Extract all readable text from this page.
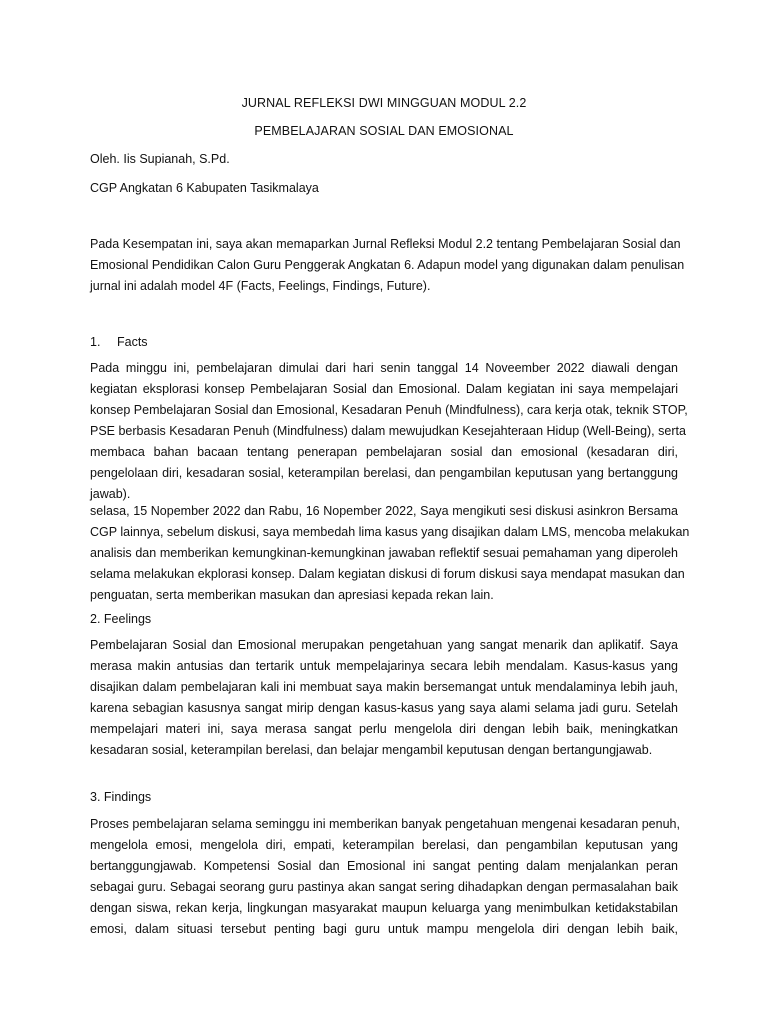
JURNAL REFLEKSI DWI MINGGUAN MODUL 2.2
PEMBELAJARAN SOSIAL DAN EMOSIONAL
Oleh. Iis Supianah, S.Pd.
CGP Angkatan 6 Kabupaten Tasikmalaya
Pada Kesempatan ini, saya akan memaparkan Jurnal Refleksi Modul 2.2 tentang Pembelajaran Sosial dan
Emosional Pendidikan Calon Guru Penggerak Angkatan 6. Adapun model yang digunakan dalam penulisan
jurnal ini adalah model 4F (Facts, Feelings, Findings, Future).
1. Facts
Pada minggu ini, pembelajaran dimulai dari hari senin tanggal 14 Noveember 2022 diawali dengan
kegiatan eksplorasi konsep Pembelajaran Sosial dan Emosional. Dalam kegiatan ini saya mempelajari
konsep Pembelajaran Sosial dan Emosional, Kesadaran Penuh (Mindfulness), cara kerja otak, teknik STOP,
PSE berbasis Kesadaran Penuh (Mindfulness) dalam mewujudkan Kesejahteraan Hidup (Well-Being), serta
membaca bahan bacaan tentang penerapan pembelajaran sosial dan emosional (kesadaran diri,
pengelolaan diri, kesadaran sosial, keterampilan berelasi, dan pengambilan keputusan yang bertanggung
jawab).
selasa, 15 Nopember 2022 dan Rabu, 16 Nopember 2022, Saya mengikuti sesi diskusi asinkron Bersama
CGP lainnya, sebelum diskusi, saya membedah lima kasus yang disajikan dalam LMS, mencoba melakukan
analisis dan memberikan kemungkinan-kemungkinan jawaban reflektif sesuai pemahaman yang diperoleh
selama melakukan ekplorasi konsep. Dalam kegiatan diskusi di forum diskusi saya mendapat masukan dan
penguatan, serta memberikan masukan dan apresiasi kepada rekan lain.
2. Feelings
Pembelajaran Sosial dan Emosional merupakan pengetahuan yang sangat menarik dan aplikatif. Saya
merasa makin antusias dan tertarik untuk mempelajarinya secara lebih mendalam. Kasus-kasus yang
disajikan dalam pembelajaran kali ini membuat saya makin bersemangat untuk mendalaminya lebih jauh,
karena sebagian kasusnya sangat mirip dengan kasus-kasus yang saya alami selama jadi guru. Setelah
mempelajari materi ini, saya merasa sangat perlu mengelola diri dengan lebih baik, meningkatkan
kesadaran sosial, keterampilan berelasi, dan belajar mengambil keputusan dengan bertangungjawab.
3. Findings
Proses pembelajaran selama seminggu ini memberikan banyak pengetahuan mengenai kesadaran penuh,
mengelola emosi, mengelola diri, empati, keterampilan berelasi, dan pengambilan keputusan yang
bertanggungjawab. Kompetensi Sosial dan Emosional ini sangat penting dalam menjalankan peran
sebagai guru. Sebagai seorang guru pastinya akan sangat sering dihadapkan dengan permasalahan baik
dengan siswa, rekan kerja, lingkungan masyarakat maupun keluarga yang menimbulkan ketidakstabilan
emosi, dalam situasi tersebut penting bagi guru untuk mampu mengelola diri dengan lebih baik,
